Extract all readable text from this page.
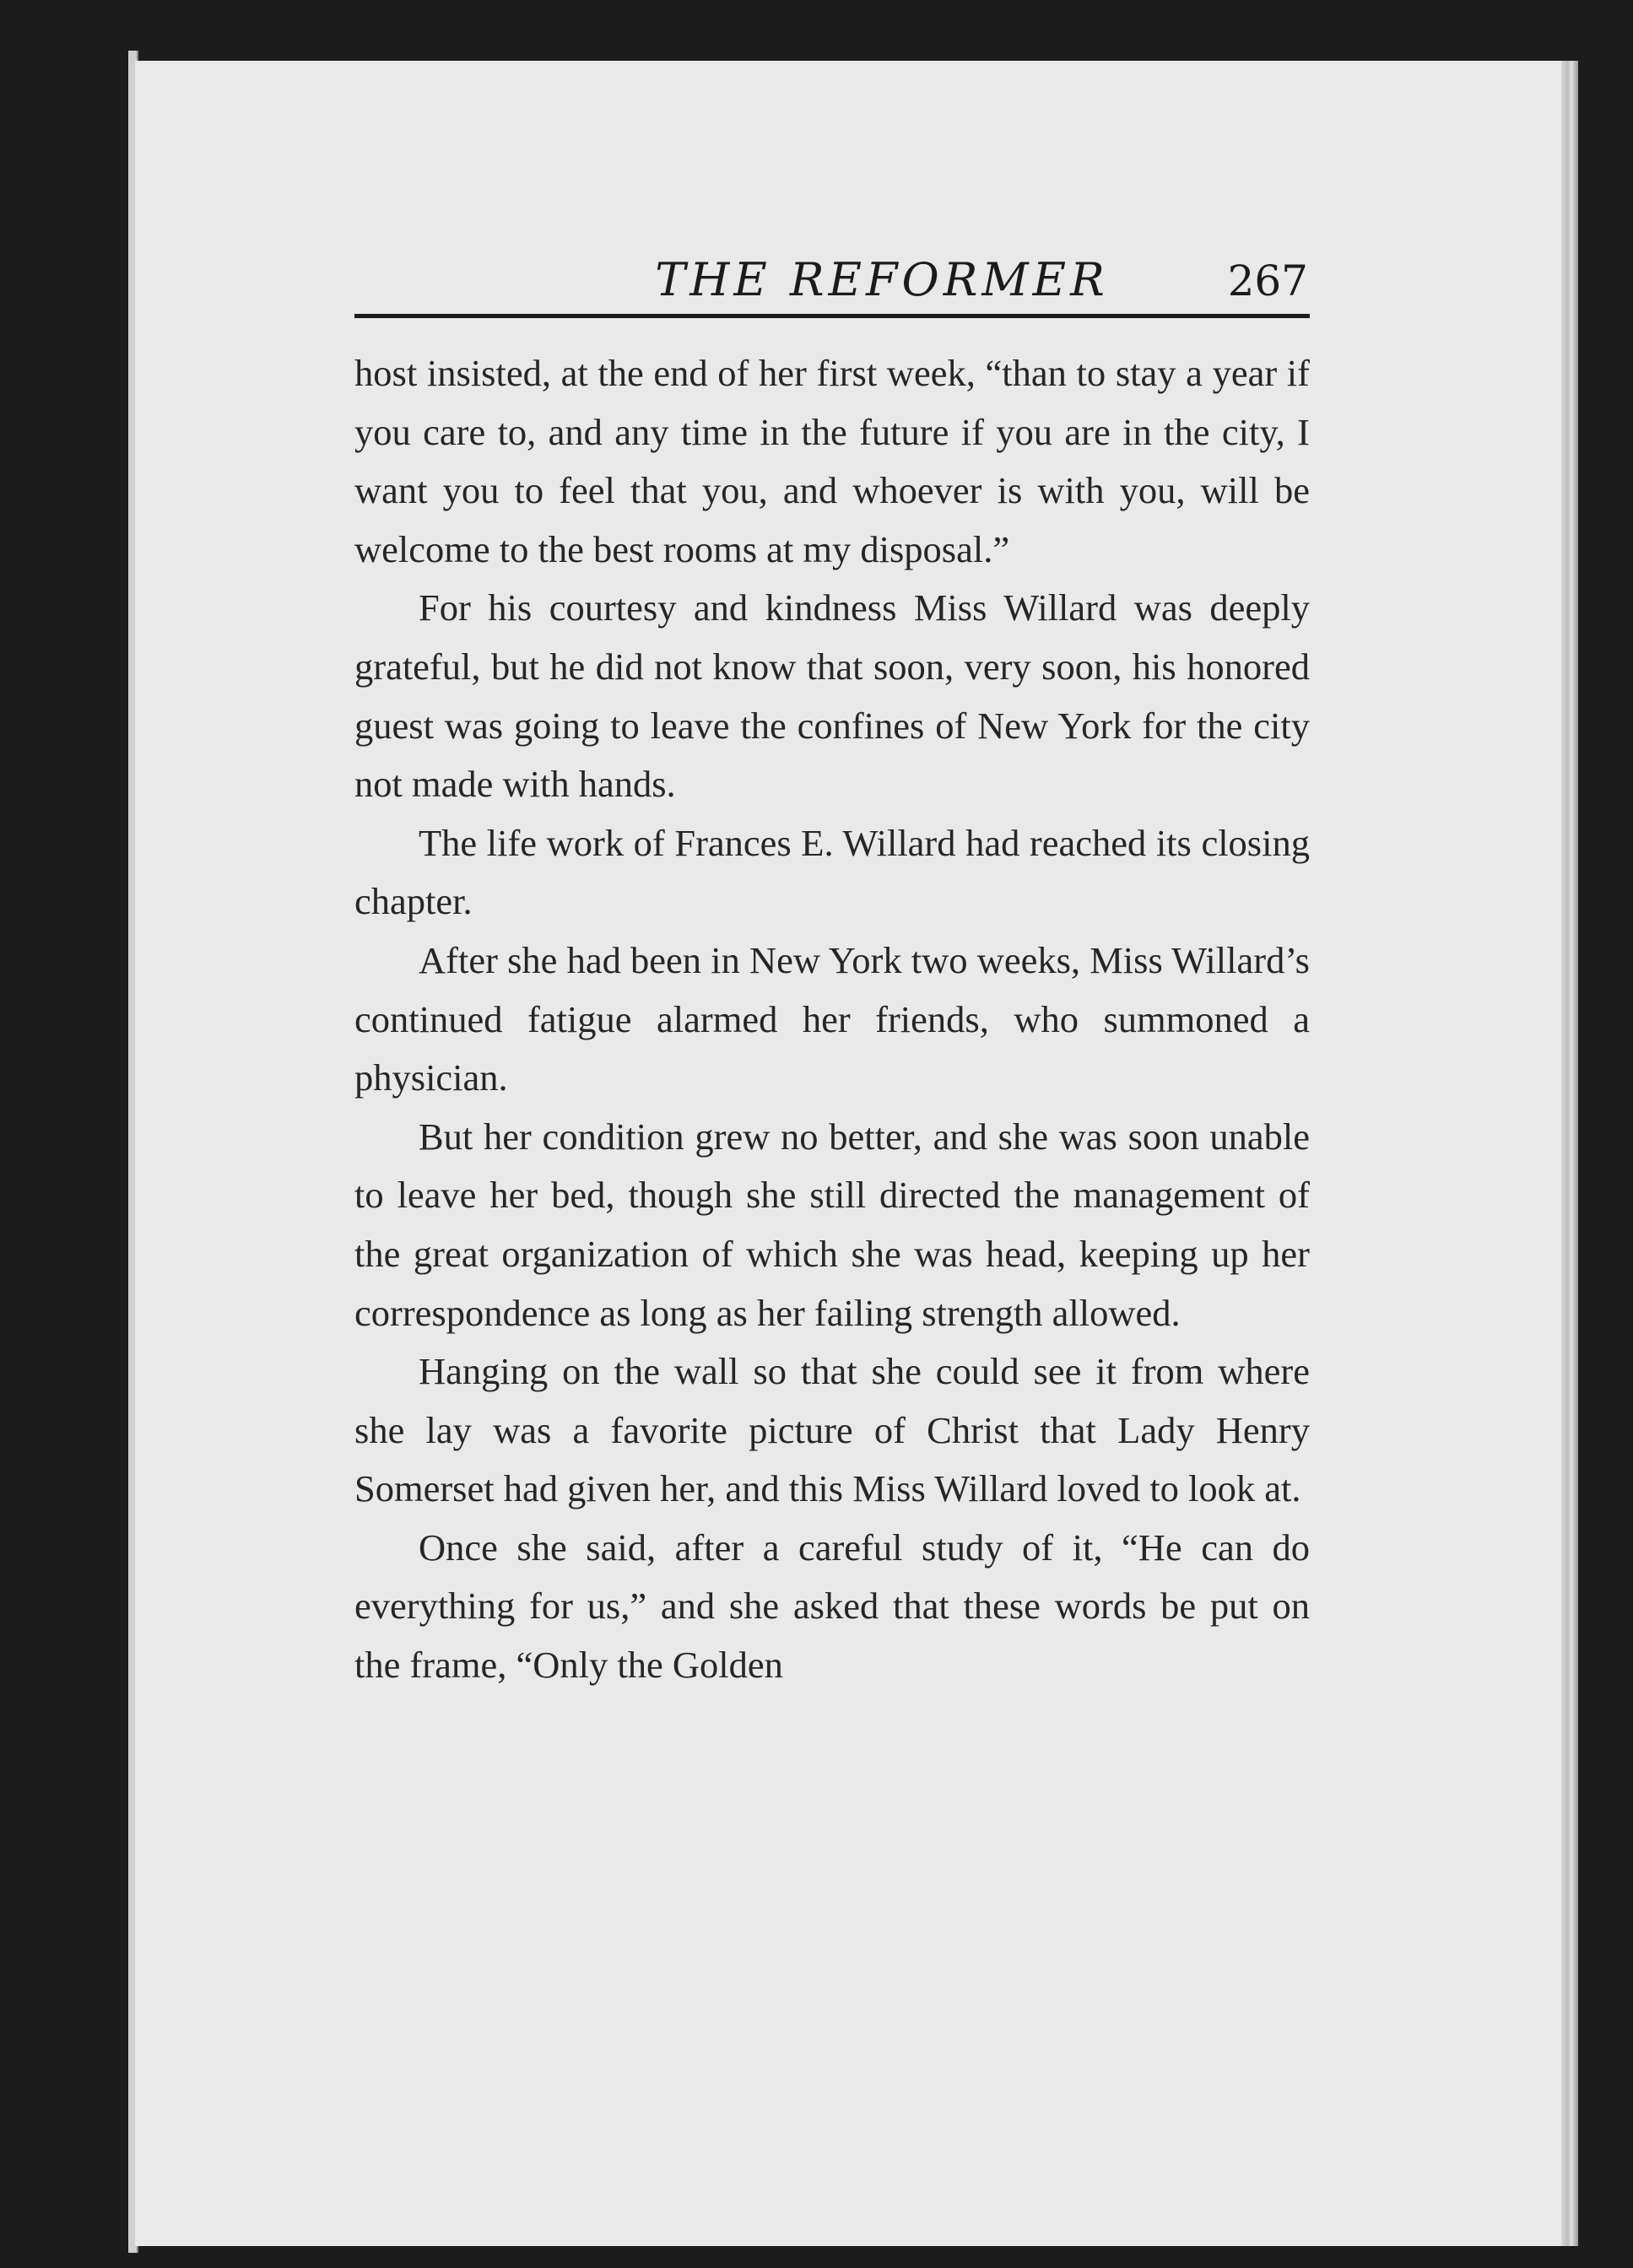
THE REFORMER	267

host insisted, at the end of her first week, “than to stay a year if you care to, and any time in the future if you are in the city, I want you to feel that you, and whoever is with you, will be welcome to the best rooms at my disposal.”

For his courtesy and kindness Miss Willard was deeply grateful, but he did not know that soon, very soon, his honored guest was going to leave the confines of New York for the city not made with hands.

The life work of Frances E. Willard had reached its closing chapter.

After she had been in New York two weeks, Miss Willard’s continued fatigue alarmed her friends, who summoned a physician.

But her condition grew no better, and she was soon unable to leave her bed, though she still directed the management of the great organization of which she was head, keeping up her correspondence as long as her failing strength allowed.

Hanging on the wall so that she could see it from where she lay was a favorite picture of Christ that Lady Henry Somerset had given her, and this Miss Willard loved to look at.

Once she said, after a careful study of it, “He can do everything for us,” and she asked that these words be put on the frame, “Only the Golden
